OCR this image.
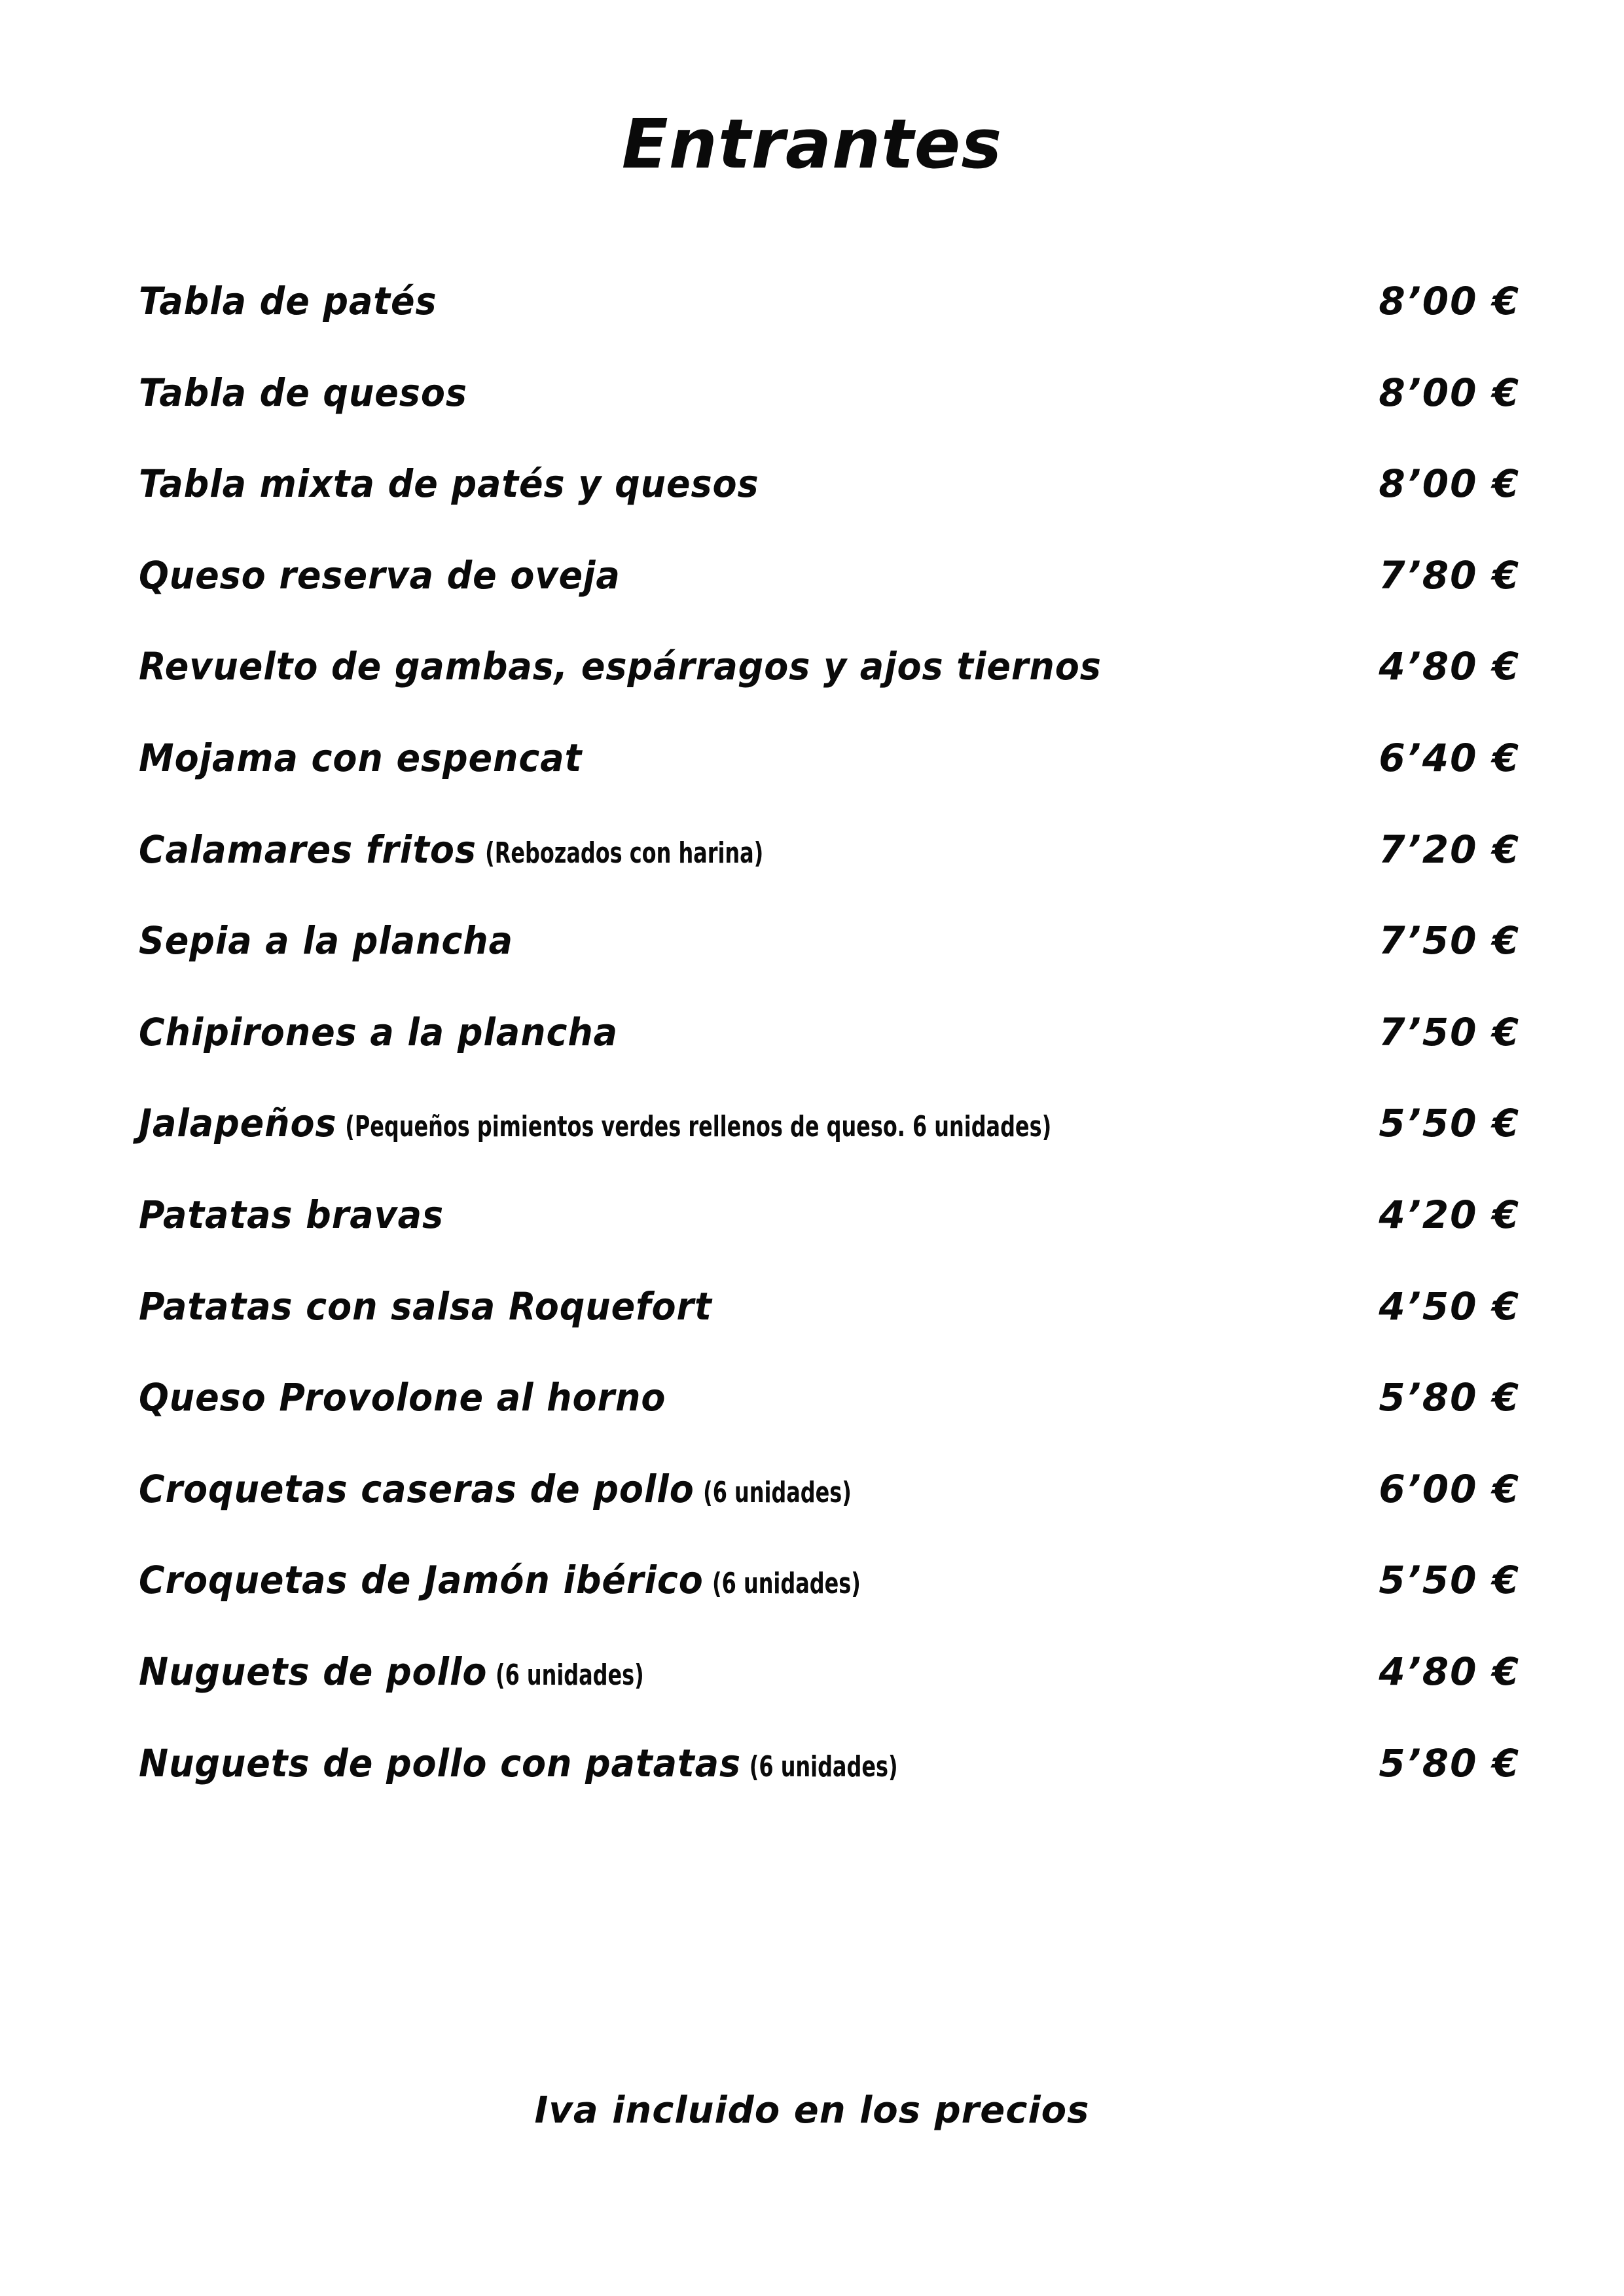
Entrantes
Tabla de patés	8’00 €
Tabla de quesos	8’00 €
Tabla mixta de patés y quesos	8’00 €
Queso reserva de oveja	7’80 €
Revuelto de gambas, espárragos y ajos tiernos	4’80 €
Mojama con espencat	6’40 €
Calamares fritos (Rebozados con harina)	7’20 €
Sepia a la plancha	7’50 €
Chipirones a la plancha	7’50 €
Jalapeños (Pequeños pimientos verdes rellenos de queso. 6 unidades)	5’50 €
Patatas bravas	4’20 €
Patatas con salsa Roquefort	4’50 €
Queso Provolone al horno	5’80 €
Croquetas caseras de pollo (6 unidades)	6’00 €
Croquetas de Jamón ibérico (6 unidades)	5’50 €
Nuguets de pollo (6 unidades)	4’80 €
Nuguets de pollo con patatas (6 unidades)	5’80 €
Iva incluido en los precios
